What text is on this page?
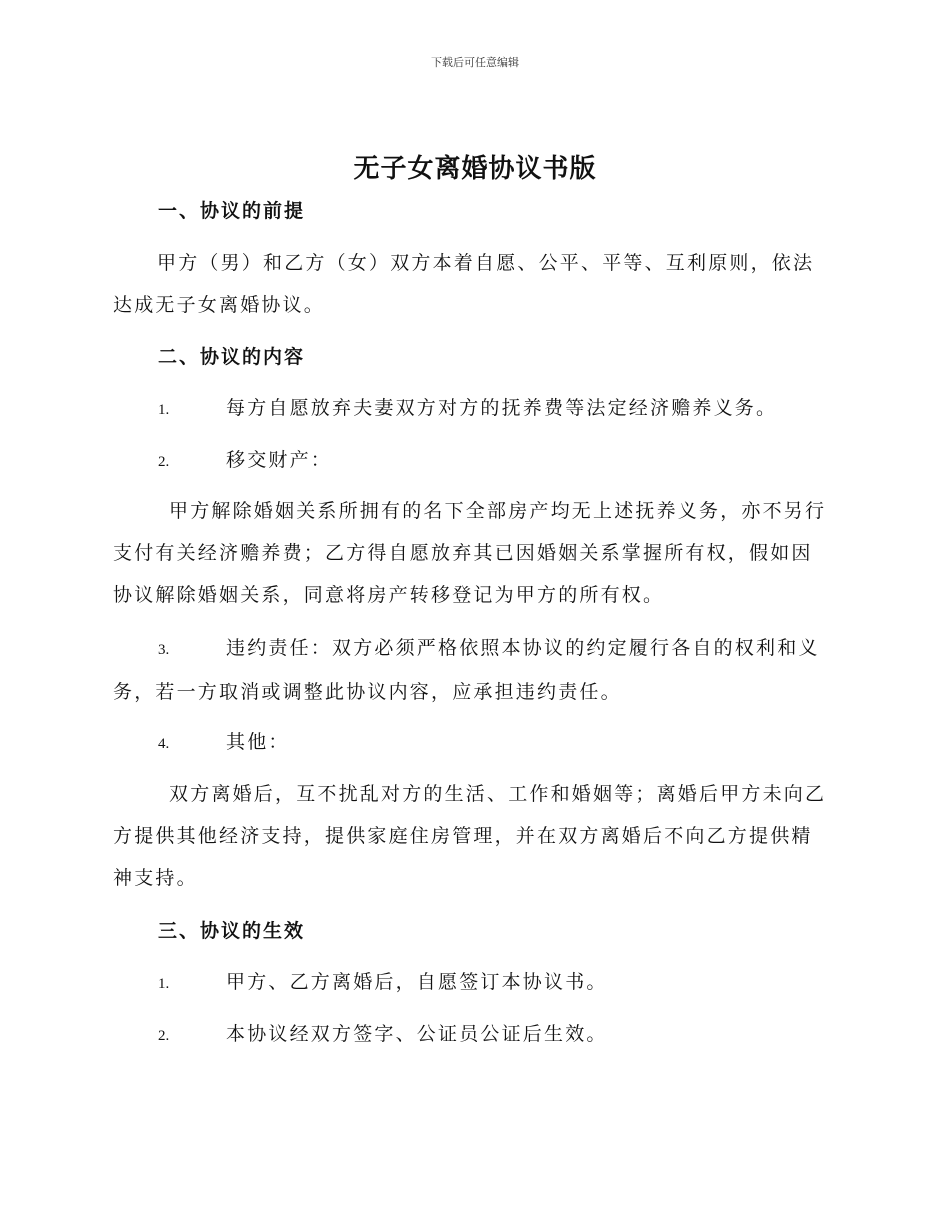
下载后可任意编辑
无子女离婚协议书版
一、协议的前提
甲方（男）和乙方（女）双方本着自愿、公平、平等、互利原则，依法达成无子女离婚协议。
二、协议的内容
1.	每方自愿放弃夫妻双方对方的抚养费等法定经济赡养义务。
2.	移交财产：
甲方解除婚姻关系所拥有的名下全部房产均无上述抚养义务，亦不另行支付有关经济赡养费；乙方得自愿放弃其已因婚姻关系掌握所有权，假如因协议解除婚姻关系，同意将房产转移登记为甲方的所有权。
3.	违约责任：双方必须严格依照本协议的约定履行各自的权利和义务，若一方取消或调整此协议内容，应承担违约责任。
4.	其他：
双方离婚后，互不扰乱对方的生活、工作和婚姻等；离婚后甲方未向乙方提供其他经济支持，提供家庭住房管理，并在双方离婚后不向乙方提供精神支持。
三、协议的生效
1.	甲方、乙方离婚后，自愿签订本协议书。
2.	本协议经双方签字、公证员公证后生效。
